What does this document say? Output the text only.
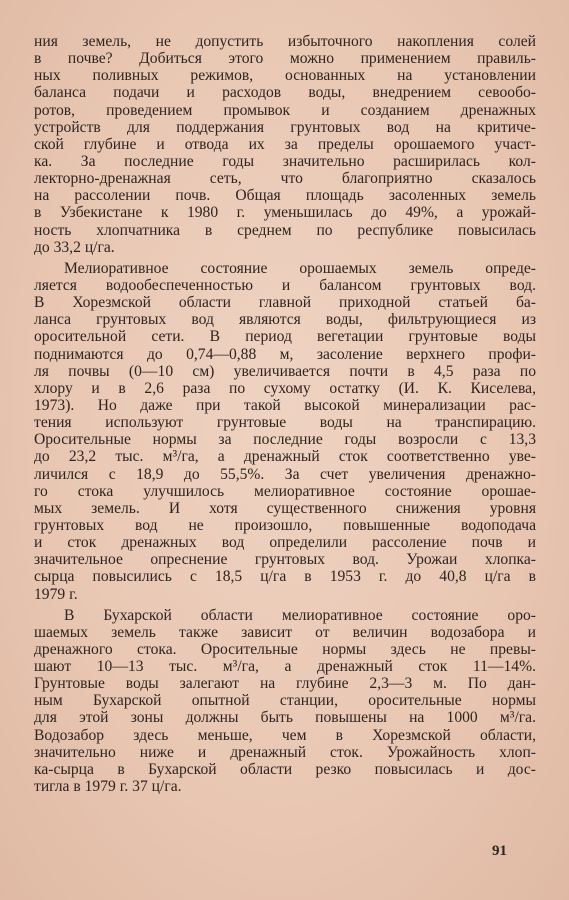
ния земель, не допустить избыточного накопления солей
в почве? Добиться этого можно применением правиль-
ных поливных режимов, основанных на установлении
баланса подачи и расходов воды, внедрением севообо-
ротов, проведением промывок и созданием дренажных
устройств для поддержания грунтовых вод на критиче-
ской глубине и отвода их за пределы орошаемого участ-
ка. За последние годы значительно расширилась кол-
лекторно-дренажная сеть, что благоприятно сказалось
на рассолении почв. Общая площадь засоленных земель
в Узбекистане к 1980 г. уменьшилась до 49%, а урожай-
ность хлопчатника в среднем по республике повысилась
до 33,2 ц/га.
Мелиоративное состояние орошаемых земель опреде-
ляется водообеспеченностью и балансом грунтовых вод.
В Хорезмской области главной приходной статьей ба-
ланса грунтовых вод являются воды, фильтрующиеся из
оросительной сети. В период вегетации грунтовые воды
поднимаются до 0,74—0,88 м, засоление верхнего профи-
ля почвы (0—10 см) увеличивается почти в 4,5 раза по
хлору и в 2,6 раза по сухому остатку (И. К. Киселева,
1973). Но даже при такой высокой минерализации рас-
тения используют грунтовые воды на транспирацию.
Оросительные нормы за последние годы возросли с 13,3
до 23,2 тыс. м³/га, а дренажный сток соответственно уве-
личился с 18,9 до 55,5%. За счет увеличения дренажно-
го стока улучшилось мелиоративное состояние орошае-
мых земель. И хотя существенного снижения уровня
грунтовых вод не произошло, повышенные водоподача
и сток дренажных вод определили рассоление почв и
значительное опреснение грунтовых вод. Урожаи хлопка-
сырца повысились с 18,5 ц/га в 1953 г. до 40,8 ц/га в
1979 г.
В Бухарской области мелиоративное состояние оро-
шаемых земель также зависит от величин водозабора и
дренажного стока. Оросительные нормы здесь не превы-
шают 10—13 тыс. м³/га, а дренажный сток 11—14%.
Грунтовые воды залегают на глубине 2,3—3 м. По дан-
ным Бухарской опытной станции, оросительные нормы
для этой зоны должны быть повышены на 1000 м³/га.
Водозабор здесь меньше, чем в Хорезмской области,
значительно ниже и дренажный сток. Урожайность хлоп-
ка-сырца в Бухарской области резко повысилась и дос-
тигла в 1979 г. 37 ц/га.
91
